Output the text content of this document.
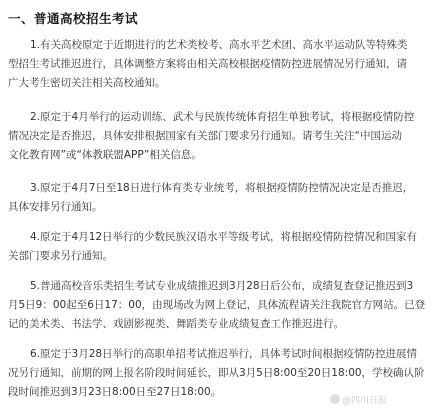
一、普通高校招生考试
1.有关高校原定于近期进行的艺术类校考、高水平艺术团、高水平运动队等特殊类
型招生考试推迟进行，具体调整方案将由相关高校根据疫情防控进展情况另行通知，请
广大考生密切关注相关高校通知。
2.原定于4月举行的运动训练、武术与民族传统体育招生单独考试，将根据疫情防控
情况决定是否推迟，具体安排根据国家有关部门要求另行通知。请考生关注“中国运动
文化教育网”或“体教联盟APP”相关信息。
3.原定于4月7日至18日进行体育类专业统考，将根据疫情防控情况决定是否推迟，
具体安排另行通知。
4.原定于4月12日举行的少数民族汉语水平等级考试，将根据疫情防控情况和国家有
关部门要求另行通知。
5.普通高校音乐类招生考试专业成绩推迟到3月28日后公布，成绩复查登记推迟到3
月5日9：00起至6日17：00，由现场改为网上登记，具体流程请关注我院官方网站。已登
记的美术类、书法学、戏剧影视类、舞蹈类专业成绩复查工作推迟进行。
6.原定于3月28日举行的高职单招考试推迟举行，具体考试时间根据疫情防控进展情
况另行通知，前期的网上报名阶段时间延长，即从3月5日8:00至20日18:00，学校确认阶
段时间推迟到3月23日8:00日至27日18:00。
@四川日报
